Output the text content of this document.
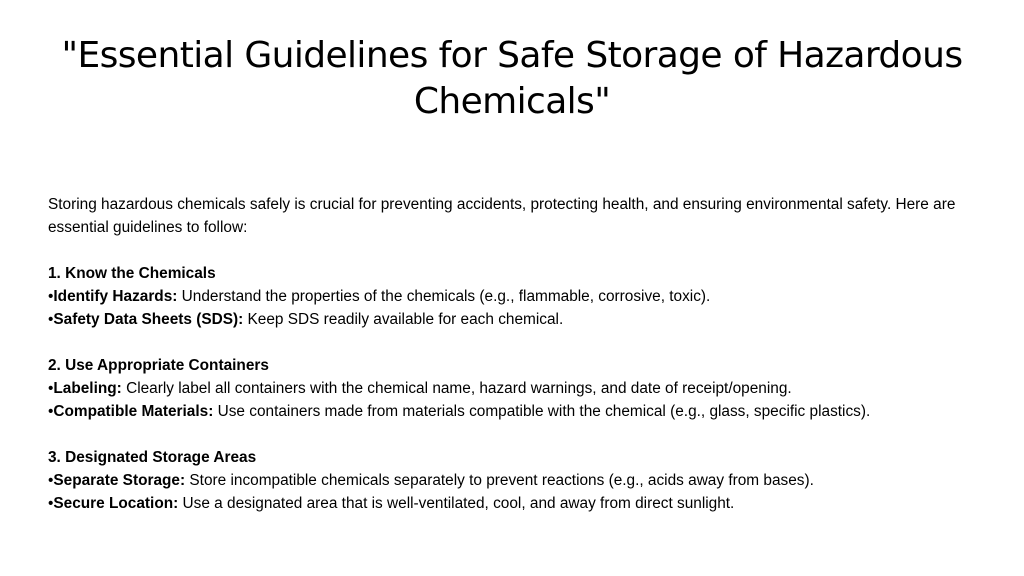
"Essential Guidelines for Safe Storage of Hazardous Chemicals"

Storing hazardous chemicals safely is crucial for preventing accidents, protecting health, and ensuring environmental safety. Here are essential guidelines to follow:

1. Know the Chemicals

•Identify Hazards: Understand the properties of the chemicals (e.g., flammable, corrosive, toxic).

•Safety Data Sheets (SDS): Keep SDS readily available for each chemical.

2. Use Appropriate Containers

•Labeling: Clearly label all containers with the chemical name, hazard warnings, and date of receipt/opening.

•Compatible Materials: Use containers made from materials compatible with the chemical (e.g., glass, specific plastics).

3. Designated Storage Areas

•Separate Storage: Store incompatible chemicals separately to prevent reactions (e.g., acids away from bases).

•Secure Location: Use a designated area that is well-ventilated, cool, and away from direct sunlight.
